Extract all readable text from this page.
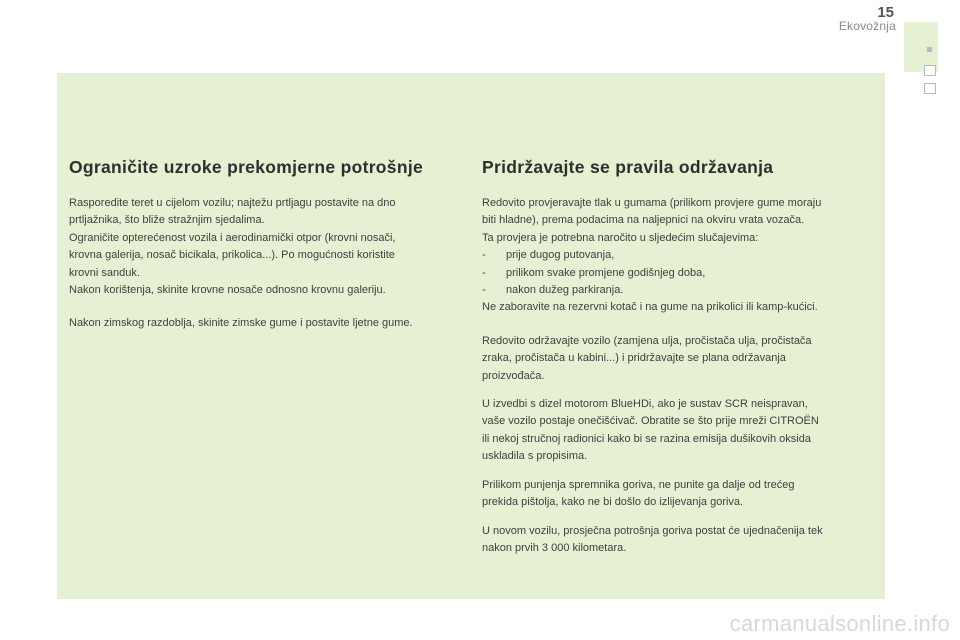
15
Ekovožnja
Ograničite uzroke prekomjerne potrošnje

Rasporedite teret u cijelom vozilu; najtežu prtljagu postavite na dno
prtljažnika, što bliže stražnjim sjedalima.
Ograničite opterećenost vozila i aerodinamički otpor (krovni nosači,
krovna galerija, nosač bicikala, prikolica...). Po mogućnosti koristite
krovni sanduk.
Nakon korištenja, skinite krovne nosače odnosno krovnu galeriju.

Nakon zimskog razdoblja, skinite zimske gume i postavite ljetne gume.

Pridržavajte se pravila održavanja

Redovito provjeravajte tlak u gumama (prilikom provjere gume moraju
biti hladne), prema podacima na naljepnici na okviru vrata vozača.
Ta provjera je potrebna naročito u sljedećim slučajevima:

-	prije dugog putovanja,
-	prilikom svake promjene godišnjeg doba,
-	nakon dužeg parkiranja.
Ne zaboravite na rezervni kotač i na gume na prikolici ili kamp-kućici.

Redovito održavajte vozilo (zamjena ulja, pročistača ulja, pročistača
zraka, pročistača u kabini...) i pridržavajte se plana održavanja
proizvođača.

U izvedbi s dizel motorom BlueHDi, ako je sustav SCR neispravan,
vaše vozilo postaje onečišćivač. Obratite se što prije mreži CITROËN
ili nekoj stručnoj radionici kako bi se razina emisija dušikovih oksida
uskladila s propisima.

Prilikom punjenja spremnika goriva, ne punite ga dalje od trećeg
prekida pištolja, kako ne bi došlo do izlijevanja goriva.

U novom vozilu, prosječna potrošnja goriva postat će ujednačenija tek
nakon prvih 3 000 kilometara.

carmanualsonline.info
